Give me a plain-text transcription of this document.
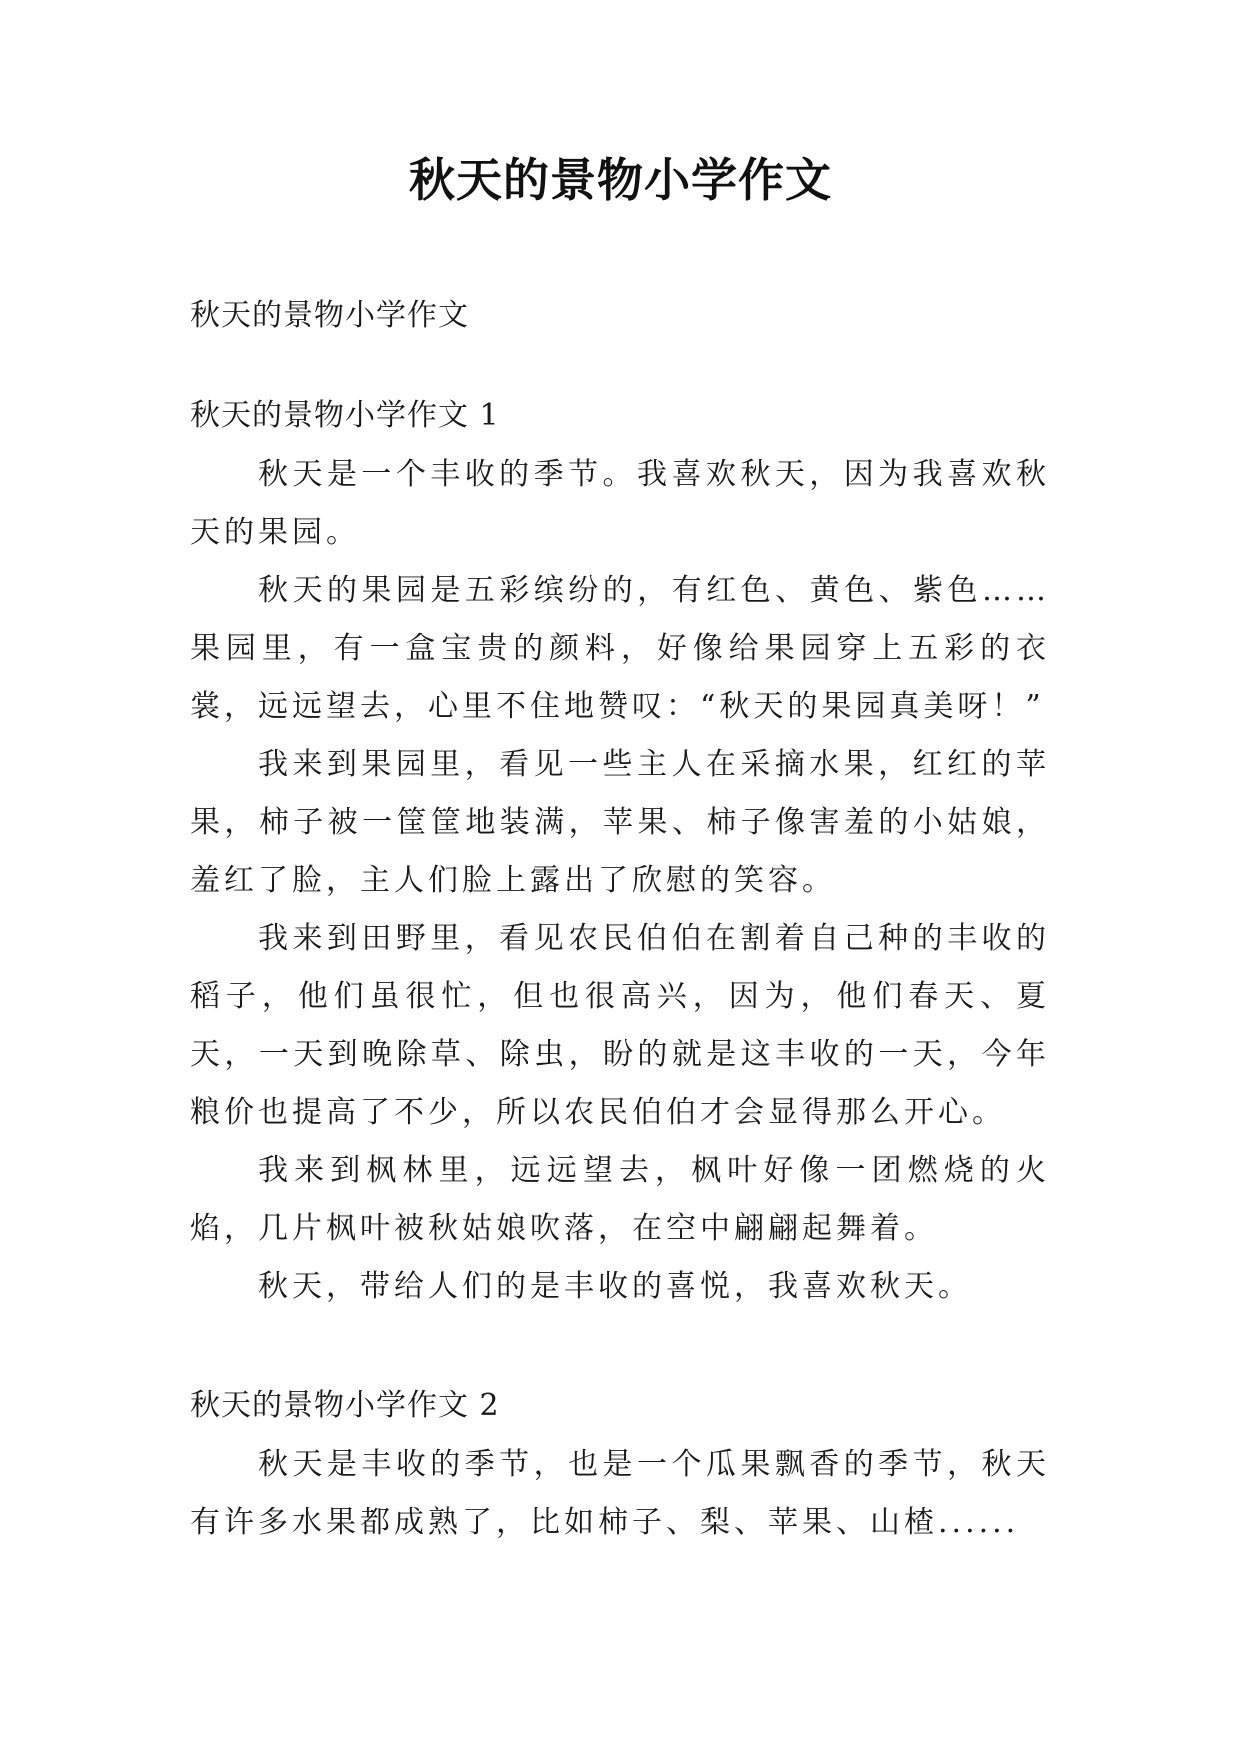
秋天的景物小学作文

秋天的景物小学作文

秋天的景物小学作文 1

秋天是一个丰收的季节。我喜欢秋天，因为我喜欢秋天的果园。

秋天的果园是五彩缤纷的，有红色、黄色、紫色……果园里，有一盒宝贵的颜料，好像给果园穿上五彩的衣裳，远远望去，心里不住地赞叹：“秋天的果园真美呀！”

我来到果园里，看见一些主人在采摘水果，红红的苹果，柿子被一筐筐地装满，苹果、柿子像害羞的小姑娘，羞红了脸，主人们脸上露出了欣慰的笑容。

我来到田野里，看见农民伯伯在割着自己种的丰收的稻子，他们虽很忙，但也很高兴，因为，他们春天、夏天，一天到晚除草、除虫，盼的就是这丰收的一天，今年粮价也提高了不少，所以农民伯伯才会显得那么开心。

我来到枫林里，远远望去，枫叶好像一团燃烧的火焰，几片枫叶被秋姑娘吹落，在空中翩翩起舞着。

秋天，带给人们的是丰收的喜悦，我喜欢秋天。

秋天的景物小学作文 2

秋天是丰收的季节，也是一个瓜果飘香的季节，秋天有许多水果都成熟了，比如柿子、梨、苹果、山楂......
